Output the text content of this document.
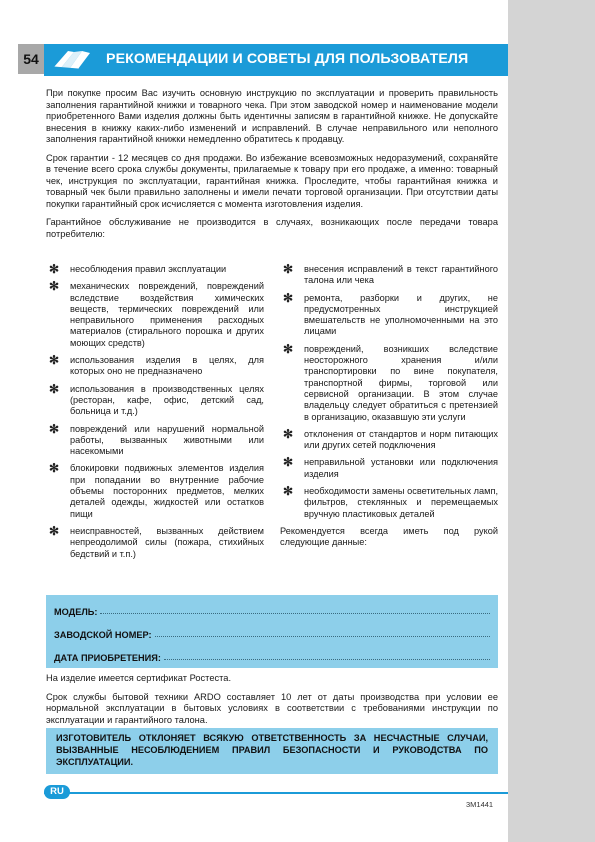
54	РЕКОМЕНДАЦИИ И СОВЕТЫ ДЛЯ ПОЛЬЗОВАТЕЛЯ

При покупке просим Вас изучить основную инструкцию по эксплуатации и проверить правильность заполнения гарантийной книжки и товарного чека. При этом заводской номер и наименование модели приобретенного Вами изделия должны быть идентичны записям в гарантийной книжке. Не допускайте внесения в книжку каких-либо изменений и исправлений. В случае неправильного или неполного заполнения гарантийной книжки немедленно обратитесь к продавцу.

Срок гарантии - 12 месяцев со дня продажи. Во избежание всевозможных недоразумений, сохраняйте в течение всего срока службы документы, прилагаемые к товару при его продаже, а именно: товарный чек, инструкция по эксплуатации, гарантийная книжка. Проследите, чтобы гарантийная книжка и товарный чек были правильно заполнены и имели печати торговой организации. При отсутствии даты покупки гарантийный срок исчисляется с момента изготовления изделия.

Гарантийное обслуживание не производится в случаях, возникающих после передачи товара потребителю:

✻ несоблюдения правил эксплуатации
✻ механических повреждений, повреждений вследствие воздействия химических веществ, термических повреждений или неправильного применения расходных материалов (стирального порошка и других моющих средств)
✻ использования изделия в целях, для которых оно не предназначено
✻ использования в производственных целях (ресторан, кафе, офис, детский сад, больница и т.д.)
✻ повреждений или нарушений нормальной работы, вызванных животными или насекомыми
✻ блокировки подвижных элементов изделия при попадании во внутренние рабочие объемы посторонних предметов, мелких деталей одежды, жидкостей или остатков пищи
✻ неисправностей, вызванных действием непреодолимой силы (пожара, стихийных бедствий и т.п.)
✻ внесения исправлений в текст гарантийного талона или чека
✻ ремонта, разборки и других, не предусмотренных инструкцией вмешательств не уполномоченными на это лицами
✻ повреждений, возникших вследствие неосторожного хранения и/или транспортировки по вине покупателя, транспортной фирмы, торговой или сервисной организации. В этом случае владельцу следует обратиться с претензией в организацию, оказавшую эти услуги
✻ отклонения от стандартов и норм питающих или других сетей подключения
✻ неправильной установки или подключения изделия
✻ необходимости замены осветительных ламп, фильтров, стеклянных и перемещаемых вручную пластиковых деталей
Рекомендуется всегда иметь под рукой следующие данные:
МОДЕЛЬ:
ЗАВОДСКОЙ НОМЕР:
ДАТА ПРИОБРЕТЕНИЯ:

На изделие имеется сертификат Ростеста.

Срок службы бытовой техники ARDO составляет 10 лет от даты производства при условии ее нормальной эксплуатации в бытовых условиях в соответствии с требованиями инструкции по эксплуатации и гарантийного талона.

ИЗГОТОВИТЕЛЬ ОТКЛОНЯЕТ ВСЯКУЮ ОТВЕТСТВЕННОСТЬ ЗА НЕСЧАСТНЫЕ СЛУЧАИ, ВЫЗВАННЫЕ НЕСОБЛЮДЕНИЕМ ПРАВИЛ БЕЗОПАСНОСТИ И РУКОВОДСТВА ПО ЭКСПЛУАТАЦИИ.
RU
3M1441
